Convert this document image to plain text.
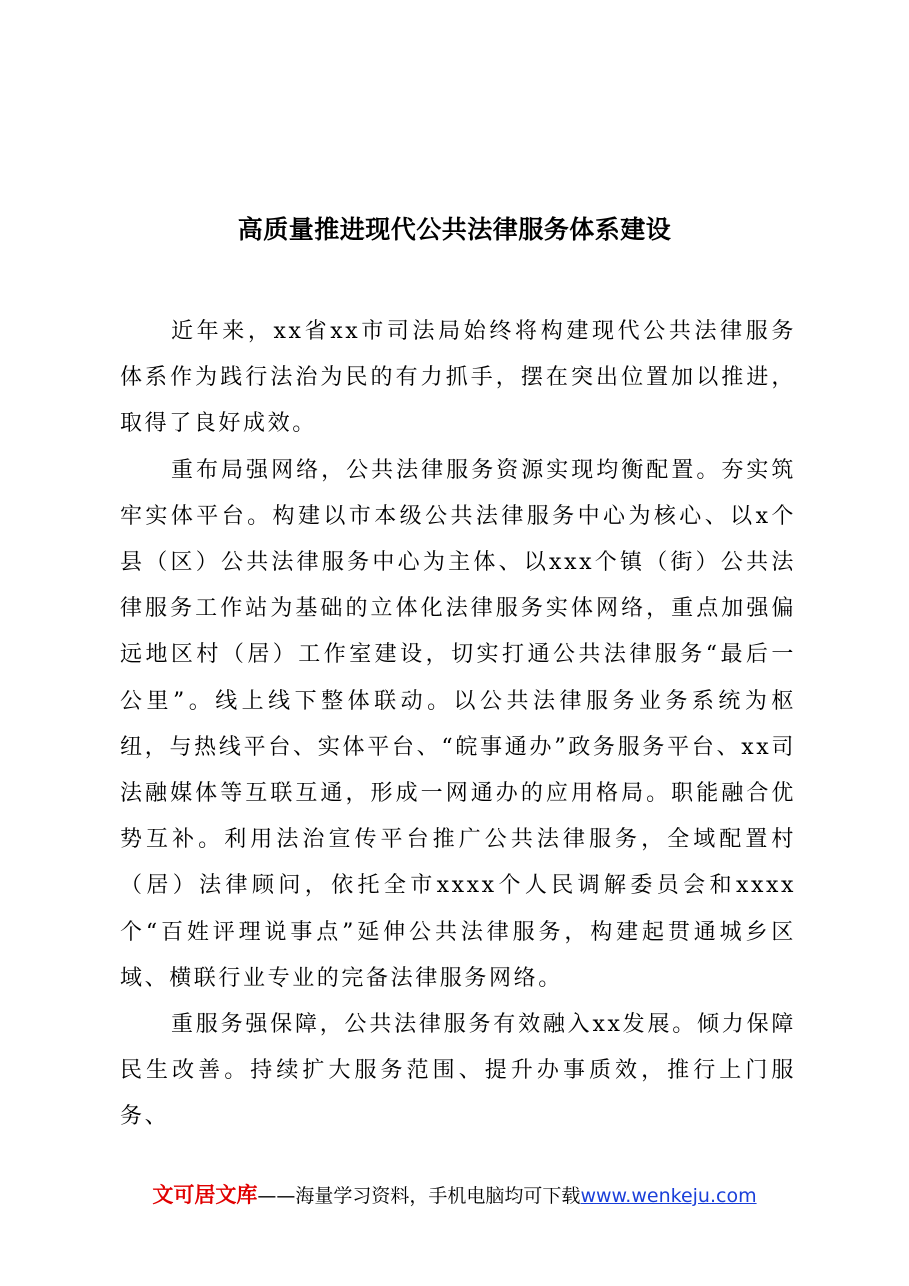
高质量推进现代公共法律服务体系建设

近年来，xx省xx市司法局始终将构建现代公共法律服务体系作为践行法治为民的有力抓手，摆在突出位置加以推进，取得了良好成效。

重布局强网络，公共法律服务资源实现均衡配置。夯实筑牢实体平台。构建以市本级公共法律服务中心为核心、以x个县（区）公共法律服务中心为主体、以xxx个镇（街）公共法律服务工作站为基础的立体化法律服务实体网络，重点加强偏远地区村（居）工作室建设，切实打通公共法律服务“最后一公里”。线上线下整体联动。以公共法律服务业务系统为枢纽，与热线平台、实体平台、“皖事通办”政务服务平台、xx司法融媒体等互联互通，形成一网通办的应用格局。职能融合优势互补。利用法治宣传平台推广公共法律服务，全域配置村（居）法律顾问，依托全市xxxx个人民调解委员会和xxxx个“百姓评理说事点”延伸公共法律服务，构建起贯通城乡区域、横联行业专业的完备法律服务网络。

重服务强保障，公共法律服务有效融入xx发展。倾力保障民生改善。持续扩大服务范围、提升办事质效，推行上门服务、

文可居文库——海量学习资料，手机电脑均可下载www.wenkeju.com
